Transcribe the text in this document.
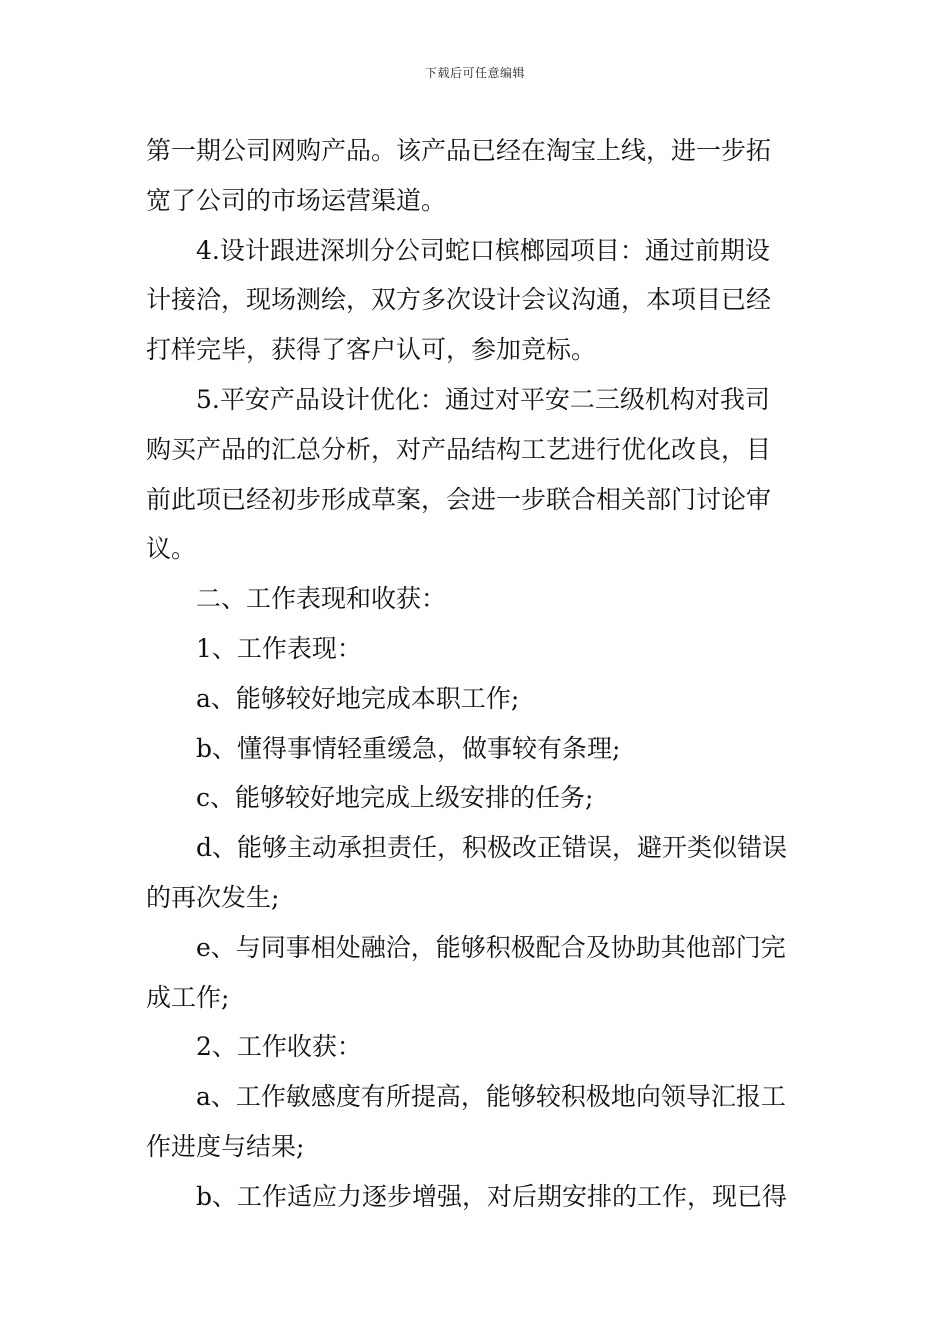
下载后可任意编辑
第一期公司网购产品。该产品已经在淘宝上线，进一步拓
宽了公司的市场运营渠道。
4.设计跟进深圳分公司蛇口槟榔园项目：通过前期设
计接洽，现场测绘，双方多次设计会议沟通，本项目已经
打样完毕，获得了客户认可，参加竞标。
5.平安产品设计优化：通过对平安二三级机构对我司
购买产品的汇总分析，对产品结构工艺进行优化改良，目
前此项已经初步形成草案，会进一步联合相关部门讨论审
议。
二、工作表现和收获：
1、工作表现：
a、能够较好地完成本职工作;
b、懂得事情轻重缓急，做事较有条理;
c、能够较好地完成上级安排的任务;
d、能够主动承担责任，积极改正错误，避开类似错误
的再次发生;
e、与同事相处融洽，能够积极配合及协助其他部门完
成工作;
2、工作收获：
a、工作敏感度有所提高，能够较积极地向领导汇报工
作进度与结果;
b、工作适应力逐步增强，对后期安排的工作，现已得
